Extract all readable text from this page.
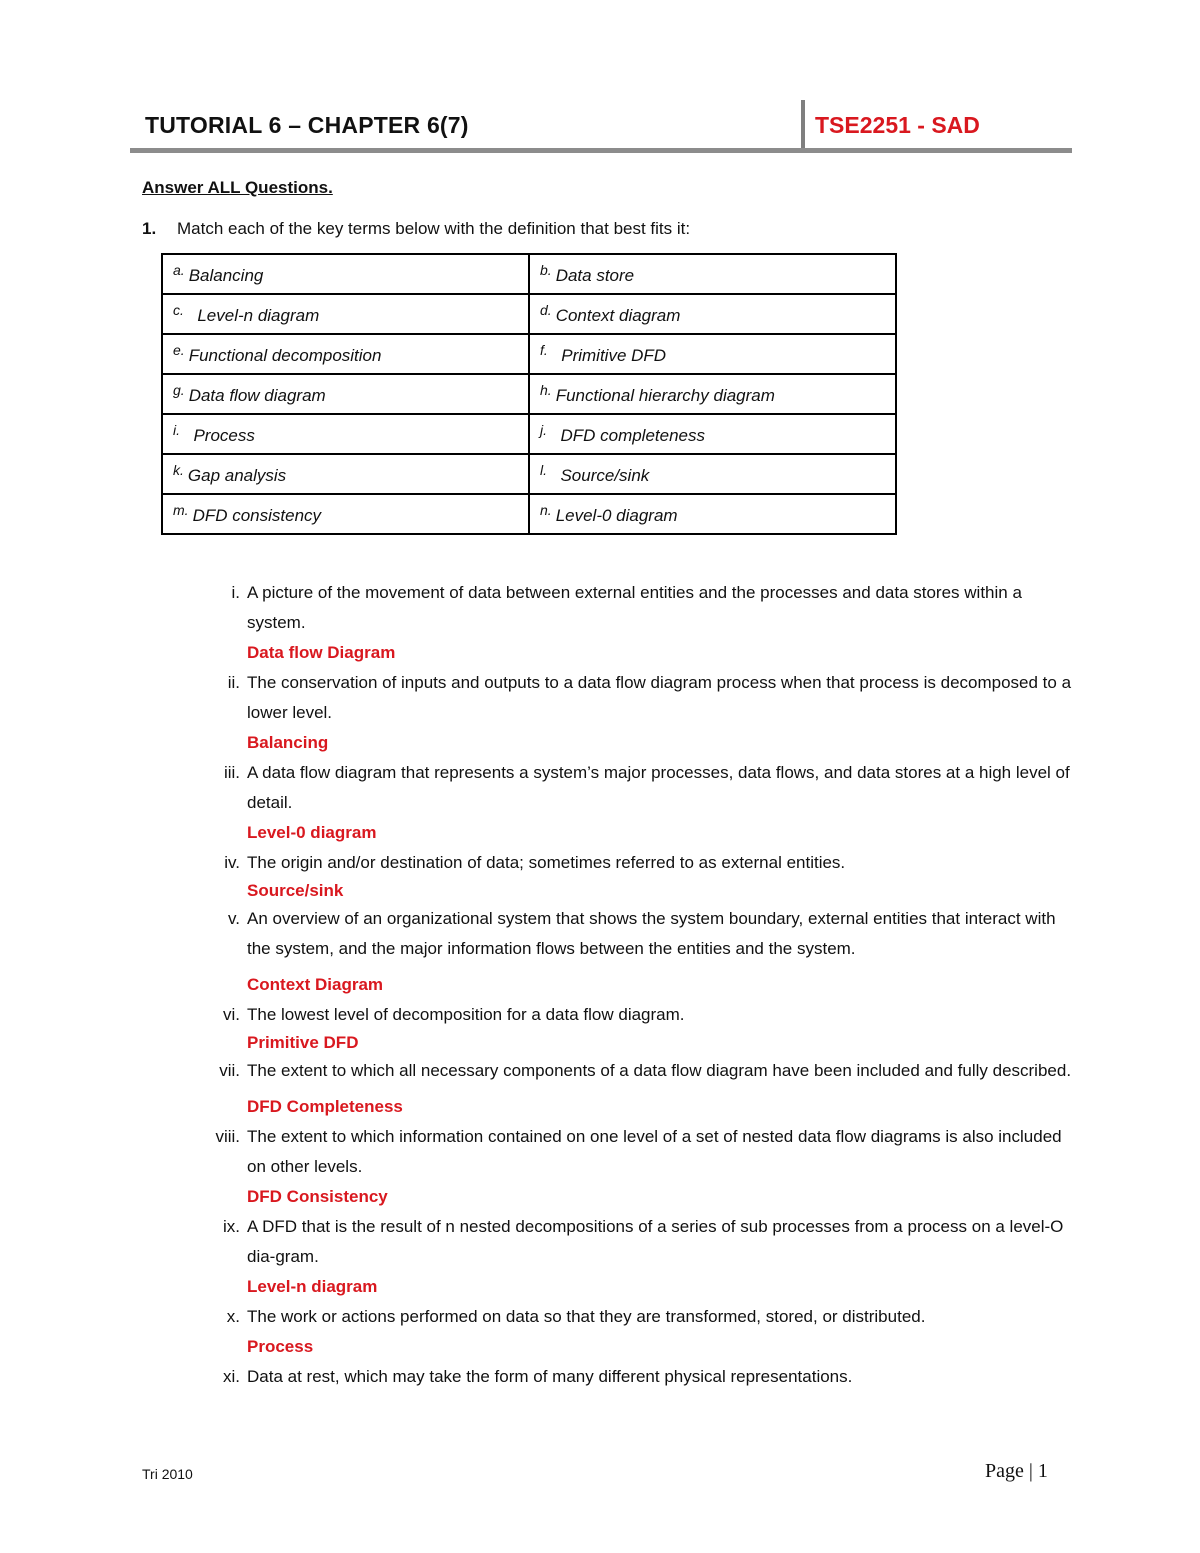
TUTORIAL 6 – CHAPTER 6(7)	TSE2251 - SAD
Answer ALL Questions.
1. Match each of the key terms below with the definition that best fits it:
$^{a.}$ Balancing	$^{b.}$ Data store
$^{c.}$ Level-n diagram	$^{d.}$ Context diagram
$^{e.}$ Functional decomposition	$^{f.}$ Primitive DFD
$^{g.}$ Data flow diagram	$^{h.}$ Functional hierarchy diagram
$^{i.}$ Process	$^{j.}$ DFD completeness
$^{k.}$ Gap analysis	$^{l.}$ Source/sink
$^{m.}$ DFD consistency	$^{n.}$ Level-0 diagram
i. A picture of the movement of data between external entities and the processes and data stores within a system.
Data flow Diagram
ii. The conservation of inputs and outputs to a data flow diagram process when that process is decomposed to a lower level.
Balancing
iii. A data flow diagram that represents a system’s major processes, data flows, and data stores at a high level of detail.
Level-0 diagram
iv. The origin and/or destination of data; sometimes referred to as external entities.
Source/sink
v. An overview of an organizational system that shows the system boundary, external entities that interact with the system, and the major information flows between the entities and the system.
Context Diagram
vi. The lowest level of decomposition for a data flow diagram.
Primitive DFD
vii. The extent to which all necessary components of a data flow diagram have been included and fully described.
DFD Completeness
viii. The extent to which information contained on one level of a set of nested data flow diagrams is also included on other levels.
DFD Consistency
ix. A DFD that is the result of n nested decompositions of a series of sub processes from a process on a level-O dia-gram.
Level-n diagram
x. The work or actions performed on data so that they are transformed, stored, or distributed.
Process
xi. Data at rest, which may take the form of many different physical representations.
Tri 2010	Page | 1
